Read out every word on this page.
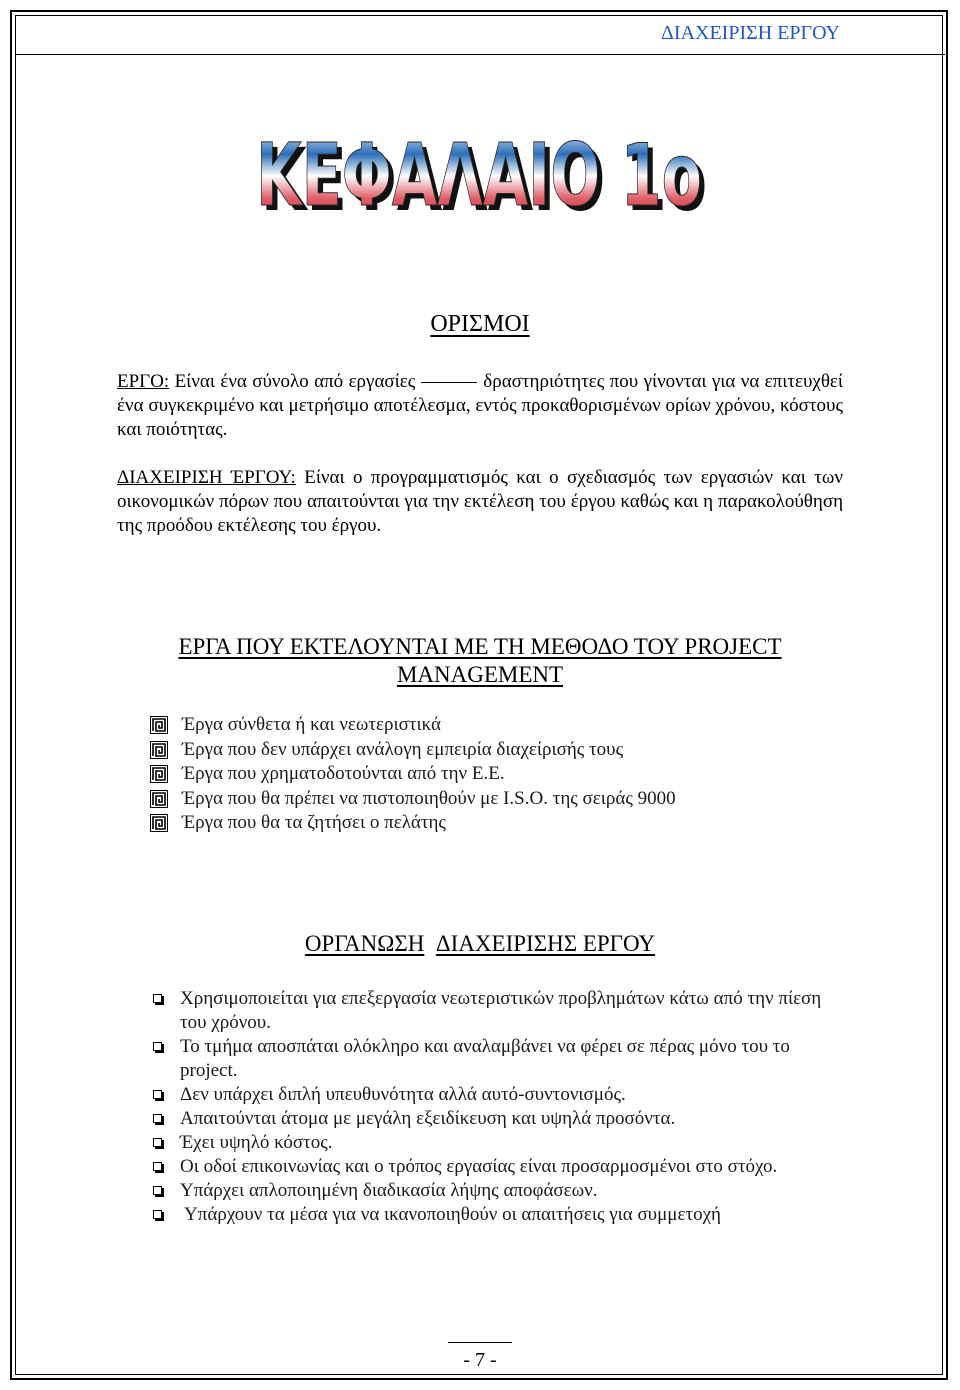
ΔΙΑΧΕΙΡΙΣΗ ΕΡΓΟΥ
ΚΕΦΑΛΑΙΟ 1ο
ΚΕΦΑΛΑΙΟ 1ο
ΟΡΙΣΜΟΙ
ΕΡΓΟ: Είναι ένα σύνολο από εργασίες	δραστηριότητες που γίνονται για να επιτευχθεί ένα συγκεκριμένο και μετρήσιμο αποτέλεσμα, εντός προκαθορισμένων ορίων χρόνου, κόστους και ποιότητας.
ΔΙΑΧΕΙΡΙΣΗ ΈΡΓΟΥ: Είναι ο προγραμματισμός και ο σχεδιασμός των εργασιών και των οικονομικών πόρων που απαιτούνται για την εκτέλεση του έργου καθώς και η παρακολούθηση της προόδου εκτέλεσης του έργου.
ΕΡΓΑ ΠΟΥ ΕΚΤΕΛΟΥΝΤΑΙ ΜΕ ΤΗ ΜΕΘΟΔΟ ΤΟΥ PROJECT
MANAGEMENT
Έργα σύνθετα ή και νεωτεριστικά
Έργα που δεν υπάρχει ανάλογη εμπειρία διαχείρισής τους
Έργα που χρηματοδοτούνται από την Ε.Ε.
Έργα που θα πρέπει να πιστοποιηθούν με I.S.O. της σειράς 9000
Έργα που θα τα ζητήσει ο πελάτης
ΟΡΓΑΝΩΣΗ ΔΙΑΧΕΙΡΙΣΗΣ ΕΡΓΟΥ
Χρησιμοποιείται για επεξεργασία νεωτεριστικών προβλημάτων κάτω από την πίεση του χρόνου.
Το τμήμα αποσπάται ολόκληρο και αναλαμβάνει να φέρει σε πέρας μόνο του το project.
Δεν υπάρχει διπλή υπευθυνότητα αλλά αυτό-συντονισμός.
Απαιτούνται άτομα με μεγάλη εξειδίκευση και υψηλά προσόντα.
Έχει υψηλό κόστος.
Οι οδοί επικοινωνίας και ο τρόπος εργασίας είναι προσαρμοσμένοι στο στόχο.
Υπάρχει απλοποιημένη διαδικασία λήψης αποφάσεων.
Υπάρχουν τα μέσα για να ικανοποιηθούν οι απαιτήσεις για συμμετοχή
- 7 -
